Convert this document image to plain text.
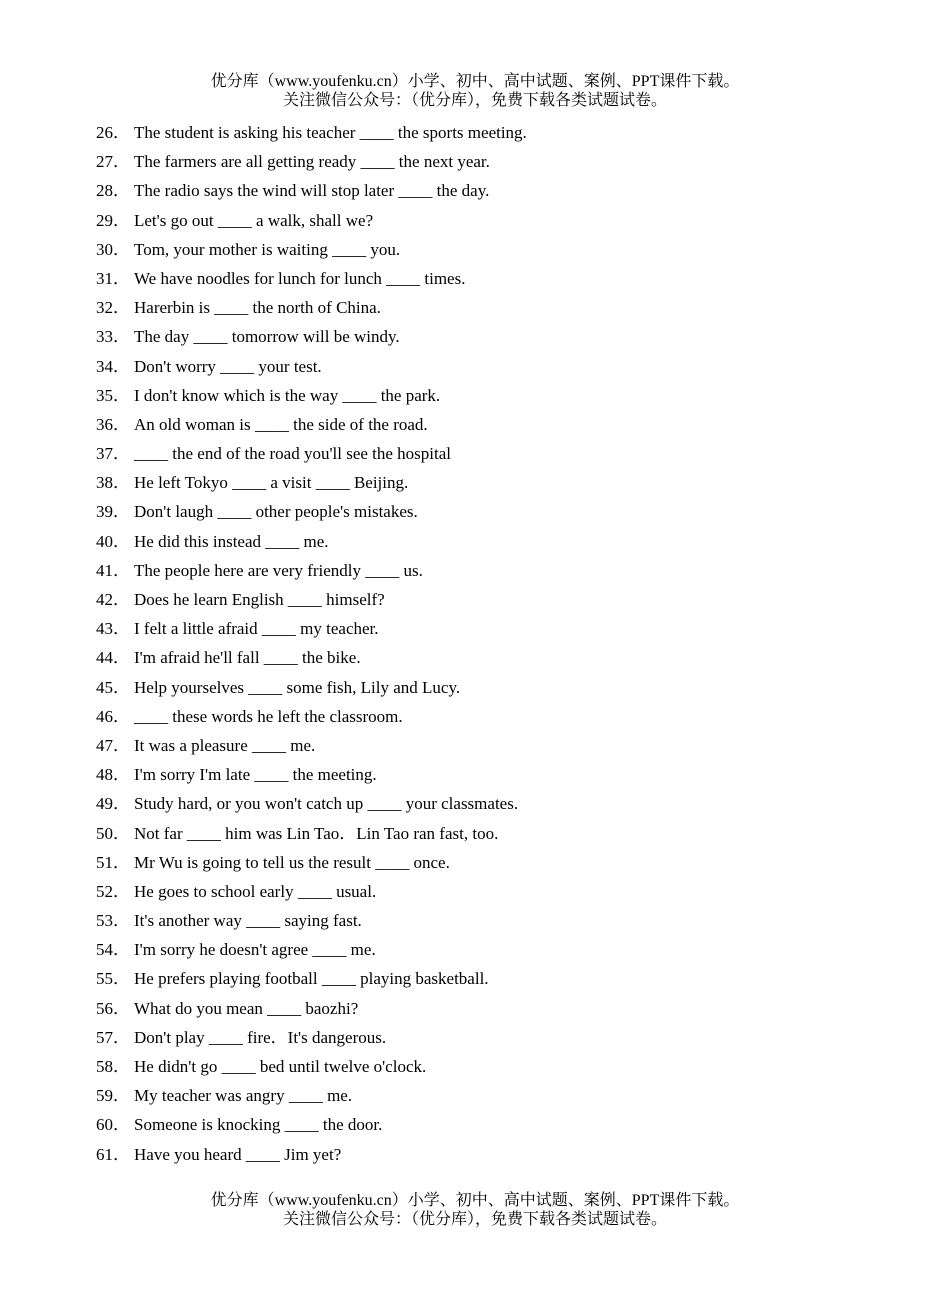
优分库（www.youfenku.cn）小学、初中、高中试题、案例、PPT课件下载。
关注微信公众号：（优分库），免费下载各类试题试卷。
26． The student is asking his teacher ____ the sports meeting.
27． The farmers are all getting ready ____ the next year.
28． The radio says the wind will stop later ____ the day.
29． Let's go out ____ a walk, shall we?
30． Tom, your mother is waiting ____ you.
31． We have noodles for lunch for lunch ____ times.
32． Harerbin is ____ the north of China.
33． The day ____ tomorrow will be windy.
34． Don't worry ____ your test.
35． I don't know which is the way ____ the park.
36． An old woman is ____ the side of the road.
37． ____ the end of the road you'll see the hospital
38． He left Tokyo ____ a visit ____ Beijing.
39． Don't laugh ____ other people's mistakes.
40． He did this instead ____ me.
41． The people here are very friendly ____ us.
42． Does he learn English ____ himself?
43． I felt a little afraid ____ my teacher.
44． I'm afraid he'll fall ____ the bike.
45． Help yourselves ____ some fish, Lily and Lucy.
46． ____ these words he left the classroom.
47． It was a pleasure ____ me.
48． I'm sorry I'm late ____ the meeting.
49． Study hard, or you won't catch up ____ your classmates.
50． Not far ____ him was Lin Tao．Lin Tao ran fast, too.
51． Mr Wu is going to tell us the result ____ once.
52． He goes to school early ____ usual.
53． It's another way ____ saying fast.
54． I'm sorry he doesn't agree ____ me.
55． He prefers playing football ____ playing basketball.
56． What do you mean ____ baozhi?
57． Don't play ____ fire．It's dangerous.
58． He didn't go ____ bed until twelve o'clock.
59． My teacher was angry ____ me.
60． Someone is knocking ____ the door.
61． Have you heard ____ Jim yet?
优分库（www.youfenku.cn）小学、初中、高中试题、案例、PPT课件下载。
关注微信公众号：（优分库），免费下载各类试题试卷。
